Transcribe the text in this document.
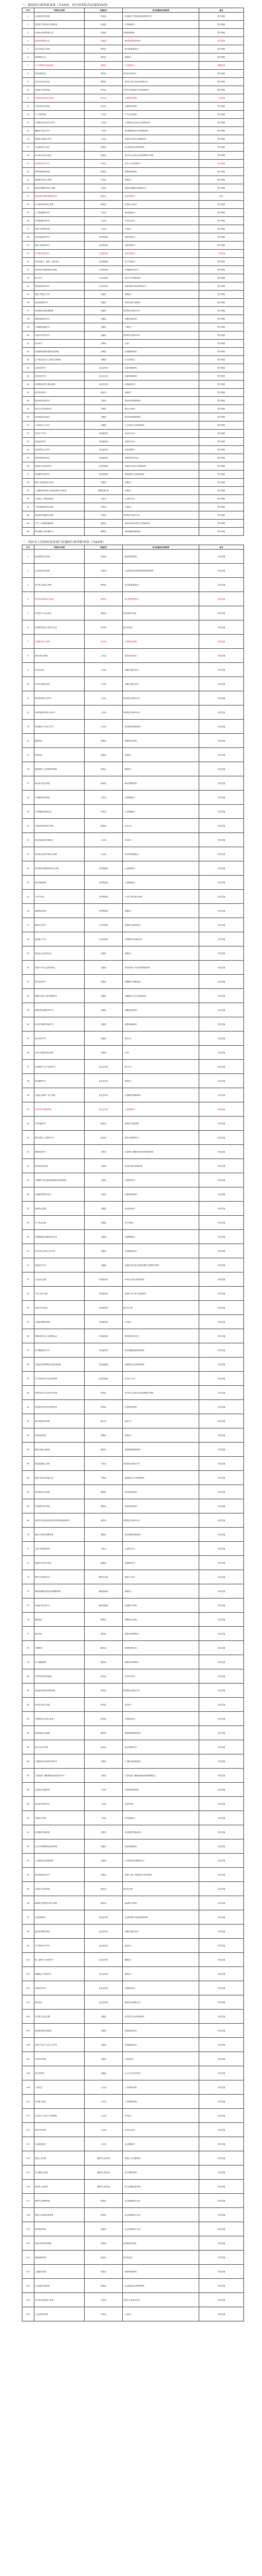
一、保留的行政审批事项（共XX项，其中国务院决定保留XX项）
序号	审批项目名称	实施机关	设定依据或实施范围	备注
1	企业投资项目核准	发改委	《国务院关于投资体制改革的决定》	暂予保留
2	固定资产投资项目节能审查	发改委	《节约能源法》	暂予保留
3	价格认证机构资质认定	发改委	价格管理条例	暂予保留
4	粮食收购资格认定	发改委	《粮食流通管理条例》	改为备案
5	民办学校设立审批	教育局	《民办教育促进法》	暂予保留
6	教师资格认定	教育局	《教师法》	暂予保留
7	中小学教科书选用审批	教育局	《义务教育法》	调整实施
8	科技成果登记	科技局	科学技术进步法	暂予保留
9	技术合同认定登记	科技局	《技术合同认定登记管理办法》	暂予保留
10	民族成分变更审批	民宗局	中国公民民族成分登记管理办法	暂予保留
11	宗教活动场所设立审批	民宗局	《宗教事务条例》	下放实施
12	大型宗教活动审批	民宗局	《宗教事务条例》	暂予保留
13	户口迁移审批	公安局	《户口登记条例》	暂予保留
14	大型群众性活动安全许可	公安局	《大型群众性活动安全管理条例》	暂予保留
15	爆破作业单位许可	公安局	《民用爆炸物品安全管理条例》	暂予保留
16	剧毒化学品购买许可	公安局	《危险化学品安全管理条例》	暂予保留
17	社会团体成立登记	民政局	《社会团体登记管理条例》	暂予保留
18	民办非企业单位登记	民政局	《民办非企业单位登记管理暂行条例》	暂予保留
19	养老机构设立许可	民政局	《老年人权益保障法》	改为备案
20	殡葬设施建设审批	民政局	《殡葬管理条例》	暂予保留
21	律师事务所设立审核	司法局	《律师法》	暂予保留
22	基层法律服务所设立审批	司法局	《基层法律服务所管理办法》	暂予保留
23	政府采购代理机构资格认定	财政局	《政府采购法》	取消
24	会计师事务所设立审批	财政局	《注册会计师法》	暂予保留
25	人力资源服务许可	人社局	《就业促进法》	暂予保留
26	劳务派遣经营许可	人社局	《劳动合同法》	暂予保留
27	特殊工时制度审批	人社局	《劳动法》	暂予保留
28	建设用地规划许可	自然资源局	《城乡规划法》	暂予保留
29	建设工程规划许可	自然资源局	《城乡规划法》	暂予保留
30	乡村建设规划许可	自然资源局	《城乡规划法》	下放实施
31	采矿权新立、延续、变更登记	自然资源局	《矿产资源法》	暂予保留
32	建设项目环境影响评价审批	生态环境局	《环境影响评价法》	暂予保留
33	排污许可	生态环境局	《排污许可管理条例》	暂予保留
34	危险废物经营许可	生态环境局	《固体废物污染环境防治法》	暂予保留
35	建筑工程施工许可	住建局	《建筑法》	暂予保留
36	商品房预售许可	住建局	《城市房地产管理法》	暂予保留
37	城市建筑垃圾处置核准	住建局	国务院决定第412号	暂予保留
38	道路运输经营许可	交通局	《道路运输条例》	暂予保留
39	公路超限运输许可	交通局	《公路法》	暂予保留
40	出租汽车经营许可	交通局	国务院决定第412号	暂予保留
41	取水许可	水利局	《水法》	暂予保留
42	河道管理范围内建设项目审批	水利局	《河道管理条例》	暂予保留
43	生产建设项目水土保持方案审批	水利局	《水土保持法》	暂予保留
44	农药经营许可	农业农村局	《农药管理条例》	暂予保留
45	兽药经营许可	农业农村局	《兽药管理条例》	暂予保留
46	动物防疫条件合格证核发	农业农村局	《动物防疫法》	暂予保留
47	林木采伐许可	林业局	《森林法》	暂予保留
48	娱乐场所经营许可	文旅局	《娱乐场所管理条例》	暂予保留
49	旅行社业务经营许可	文旅局	《旅行社条例》	暂予保留
50	医疗机构执业登记	卫健委	《医疗机构管理条例》	暂予保留
51	公共场所卫生许可	卫健委	《公共场所卫生管理条例》	暂予保留
52	食品生产许可	市场监管局	《食品安全法》	暂予保留
53	食品经营许可	市场监管局	《食品安全法》	暂予保留
54	药品零售企业许可	市场监管局	《药品管理法》	暂予保留
55	特种设备使用登记	市场监管局	《特种设备安全法》	暂予保留
56	危险化学品经营许可	应急管理局	《危险化学品安全管理条例》	暂予保留
57	烟花爆竹经营许可	应急管理局	《烟花爆竹安全管理条例》	暂予保留
58	建设工程消防设计审查	住建局	《消防法》	暂予保留
59	公众聚集场所投入使用前消防安全检查	消防救援大队	《消防法》	暂予保留
60	人民防空工程建设审批	人防办	《人民防空法》	暂予保留
61	气象设施建设项目审批	气象局	《气象法》	暂予保留
62	雷电防护装置设计审核	气象局	国务院决定第412号	暂予保留
63	户外广告设施设置审批	城管局	《城市市容和环境卫生管理条例》	暂予保留
64	城市道路占用挖掘许可	城管局	《城市道路管理条例》	暂予保留
二、设区市人民政府及其部门实施的行政审批事项（共XX项）
序号	审批项目名称	实施机关	设定依据或实施范围	备注
1	政府投资项目审批	发改委	《政府投资条例》	市县实施
2	企业投资项目备案	发改委	《企业投资项目核准和备案管理条例》	市县实施
3	民办幼儿园设立审批	教育局	《民办教育促进法》	市县实施
4	校外培训机构设立审批	教育局	《民办教育促进法》	市县实施
5	科技型中小企业评价	科技局	科技部相关规定	市县实施
6	民族团结进步示范单位认定	民宗局	地方性规定	市县实施
7	宗教团体成立审核	民宗局	《宗教事务条例》	市县实施
8	居民身份证核发	公安局	《居民身份证法》	市县实施
9	机动车登记	公安局	《道路交通安全法》	市县实施
10	机动车驾驶证核发	公安局	《道路交通安全法》	市县实施
11	旅馆业特种行业许可	公安局	国务院决定第412号	市县实施
12	印章刻制业特种行业许可	公安局	国务院决定第412号	市县实施
13	保安服务公司设立许可	公安局	《保安服务管理条例》	市县实施
14	婚姻登记	民政局	《婚姻登记条例》	市县实施
15	收养登记	民政局	《收养法》	市县实施
16	慈善组织公开募捐资格审批	民政局	《慈善法》	市县实施
17	地名命名更名审批	民政局	《地名管理条例》	市县实施
18	法律援助申请审批	司法局	《法律援助法》	市县实施
19	人民调解员资格认定	司法局	《人民调解法》	市县实施
20	代理记账机构设立审批	财政局	《会计法》	市县实施
21	职业技能鉴定机构设立	人社局	《劳动法》	市县实施
22	民办职业培训学校设立审批	人社局	《民办教育促进法》	市县实施
23	国有建设用地使用权出让审批	自然资源局	《土地管理法》	市县实施
24	临时用地审批	自然资源局	《土地管理法》	市县实施
25	不动产登记	自然资源局	《不动产登记暂行条例》	市县实施
26	测绘资质审批	自然资源局	《测绘法》	市县实施
27	辐射安全许可	生态环境局	《放射性污染防治法》	市县实施
28	夜间施工许可	生态环境局	《环境噪声污染防治法》	市县实施
29	建筑业企业资质认定	住建局	《建筑法》	市县实施
30	房地产开发企业资质核定	住建局	《城市房地产开发经营管理条例》	市县实施
31	燃气经营许可	住建局	《城镇燃气管理条例》	市县实施
32	城镇污水排入排水管网许可	住建局	《城镇排水与污水处理条例》	市县实施
33	道路货物运输经营许可	交通局	《道路运输条例》	市县实施
34	机动车驾驶员培训许可	交通局	《道路运输条例》	市县实施
35	港口经营许可	交通局	《港口法》	市县实施
36	水利工程建设项目审批	水利局	《水法》	市县实施
37	农作物种子生产经营许可	农业农村局	《种子法》	市县实施
38	渔业捕捞许可	农业农村局	《渔业法》	市县实施
39	生猪定点屠宰厂设立审查	农业农村局	《生猪屠宰管理条例》	市县实施
40	农村村民宅基地审批	农业农村局	《土地管理法》	乡镇实施
41	木材运输许可	林业局	《森林法实施条例》	市县实施
42	野生动物人工繁育许可	林业局	《野生动物保护法》	市县实施
43	网吧经营许可	文旅局	《互联网上网服务营业场所管理条例》	市县实施
44	营业性演出审批	文旅局	《营业性演出管理条例》	市县实施
45	文物保护单位建设控制地带内建设审批	文旅局	《文物保护法》	市县实施
46	出版物零售单位设立	文旅局	《出版管理条例》	市县实施
47	医师执业注册	卫健委	《执业医师法》	市县实施
48	护士执业注册	卫健委	《护士条例》	市县实施
49	母婴保健技术服务执业许可	卫健委	《母婴保健法》	市县实施
50	饮用水供水单位卫生许可	卫健委	《传染病防治法》	市县实施
51	放射诊疗许可	卫健委	《放射性同位素与射线装置安全和防护条例》	市县实施
52	企业登记注册	市场监管局	《市场主体登记管理条例》	市县实施
53	个体工商户登记	市场监管局	《促进个体工商户发展条例》	市县实施
54	食品小作坊登记	市场监管局	地方性法规	市县实施
55	计量标准器具核准	市场监管局	《计量法》	市县实施
56	特种设备作业人员资格认定	市场监管局	《特种设备安全法》	市县实施
57	医疗器械经营许可	市场监管局	《医疗器械监督管理条例》	市县实施
58	非药品类易制毒化学品经营备案	应急管理局	《易制毒化学品管理条例》	市县实施
59	生产经营单位安全培训考核	应急管理局	《安全生产法》	市县实施
60	体育类民办非企业单位审查	体育局	《民办非企业单位登记管理暂行条例》	市县实施
61	高危险性体育项目经营许可	体育局	《全民健身条例》	市县实施
62	统计调查项目审批	统计局	《统计法》	市县实施
63	档案出境审批	档案馆	《档案法》	市县实施
64	粮食仓储企业备案	粮食局	《粮食流通管理条例》	市县实施
65	防雷装置竣工验收	气象局	国务院决定第412号	市县实施
66	施放气球单位资质认定	气象局	《通用航空飞行管制条例》	市县实施
67	城市绿地占用审批	城管局	《城市绿化条例》	市县实施
68	砍伐城市树木审批	城管局	《城市绿化条例》	市县实施
69	城市生活垃圾经营性清扫收集运输处理许可	城管局	国务院决定第412号	市县实施
70	临时占用城市道路审批	城管局	《城市道路管理条例》	市县实施
71	人防工程拆除审批	人防办	《人民防空法》	市县实施
72	地震安全性评价审定	地震局	《防震减灾法》	市县实施
73	烟草专卖零售许可	烟草专卖局	《烟草专卖法》	市县实施
74	邮政普遍服务营业场所撤销审批	邮政管理局	《邮政法》	市县实施
75	快递业务经营许可	邮政管理局	《快递暂行条例》	市县实施
76	船舶登记	海事局	《船舶登记条例》	市县实施
77	税务登记	税务局	《税收征收管理法》	市县实施
78	发票领用	税务局	《发票管理办法》	市县实施
79	出口退税备案	税务局	《税收征收管理法》	市县实施
80	对外贸易经营者备案	商务局	《对外贸易法》	市县实施
81	成品油零售经营资格审批	商务局	国务院决定第412号	市县实施
82	拍卖企业设立审批	商务局	《拍卖法》	市县实施
83	外商投资企业设立备案	商务局	《外商投资法》	市县实施
84	粮食收购企业备案	粮食局	《粮食流通管理条例》	市县实施
85	典当行设立审核	商务局	《典当管理办法》	市县实施
86	广播电视节目制作经营许可	文旅局	《广播电视管理条例》	市县实施
87	卫星电视广播地面接收设施安装许可	文旅局	《卫星电视广播地面接收设施管理规定》	市县实施
88	无线电台设置审批	工信局	《无线电管理条例》	市县实施
89	电信业务经营许可	工信局	《电信条例》	市县实施
90	节能评估审查	工信局	《节约能源法》	市县实施
91	民用建筑节能审查	住建局	《民用建筑节能条例》	市县实施
92	住宅专项维修资金使用审核	住建局	《物业管理条例》	市县实施
93	公共租赁住房资格审核	住建局	《公共租赁住房管理办法》	市县实施
94	城市房屋拆迁许可	住建局	《国有土地上房屋征收与补偿条例》	市县实施
95	古树名木迁移审批	林业局	地方性法规	市县实施
96	森林防火期内野外用火审批	林业局	《森林防火条例》	市县实施
97	农业机械登记	农业农村局	《农业机械安全监督管理条例》	市县实施
98	拖拉机驾驶证核发	农业农村局	《道路交通安全法》	市县实施
99	水产苗种生产许可	农业农村局	《渔业法》	市县实施
100	蜂、蚕种生产经营许可	农业农村局	《畜牧法》	市县实施
101	种畜禽生产经营许可	农业农村局	《畜牧法》	市县实施
102	动物诊疗许可	农业农村局	《动物防疫法》	市县实施
103	肥料登记	农业农村局	《肥料登记管理办法》	市县实施
104	乡村医生执业注册	卫健委	《乡村医生从业管理条例》	市县实施
105	职业病诊断机构批准	卫健委	《职业病防治法》	市县实施
106	消毒产品生产企业卫生许可	卫健委	《传染病防治法》	市县实施
107	中医诊所备案	卫健委	《中医药法》	市县实施
108	再生育审批	卫健委	《人口与计划生育法》	市县实施
109	工伤认定	人社局	《工伤保险条例》	市县实施
110	劳动能力鉴定	人社局	《工伤保险条例》	市县实施
111	企业实行不定时工作制审批	人社局	《劳动法》	市县实施
112	集体合同审查	人社局	《劳动合同法》	市县实施
113	社会保险登记	人社局	《社会保险法》	市县实施
114	退役士兵安置	退役军人事务局	《退役士兵安置条例》	市县实施
115	烈士褒扬金发放	退役军人事务局	《烈士褒扬条例》	市县实施
116	残疾军人证核发	退役军人事务局	《军人抚恤优待条例》	市县实施
117	最低生活保障审批	民政局	《社会救助暂行办法》	市县实施
118	特困人员救助供养审批	民政局	《社会救助暂行办法》	市县实施
119	临时救助审批	民政局	《社会救助暂行办法》	市县实施
120	残疾人两项补贴审批	民政局	国务院相关意见	市县实施
121	高龄津贴审批	民政局	地方性规定	市县实施
122	公墓建设审批	民政局	《殡葬管理条例》	市县实施
123	社会组织年度检查	民政局	《社会团体登记管理条例》	市县实施
124	司法鉴定机构设立审核	司法局	全国人大常委会决定	市县实施
125	公证员执业审核	司法局	《公证法》	市县实施
